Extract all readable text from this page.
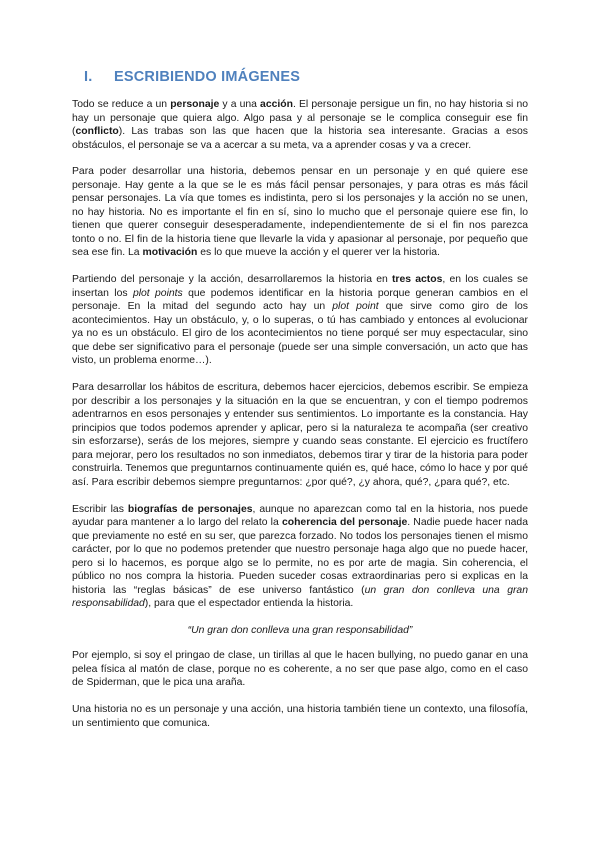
I. ESCRIBIENDO IMÁGENES

Todo se reduce a un personaje y a una acción. El personaje persigue un fin, no hay historia si no hay un personaje que quiera algo. Algo pasa y al personaje se le complica conseguir ese fin (conflicto). Las trabas son las que hacen que la historia sea interesante. Gracias a esos obstáculos, el personaje se va a acercar a su meta, va a aprender cosas y va a crecer.

Para poder desarrollar una historia, debemos pensar en un personaje y en qué quiere ese personaje. Hay gente a la que se le es más fácil pensar personajes, y para otras es más fácil pensar personajes. La vía que tomes es indistinta, pero si los personajes y la acción no se unen, no hay historia. No es importante el fin en sí, sino lo mucho que el personaje quiere ese fin, lo tienen que querer conseguir desesperadamente, independientemente de si el fin nos parezca tonto o no. El fin de la historia tiene que llevarle la vida y apasionar al personaje, por pequeño que sea ese fin. La motivación es lo que mueve la acción y el querer ver la historia.

Partiendo del personaje y la acción, desarrollaremos la historia en tres actos, en los cuales se insertan los plot points que podemos identificar en la historia porque generan cambios en el personaje. En la mitad del segundo acto hay un plot point que sirve como giro de los acontecimientos. Hay un obstáculo, y, o lo superas, o tú has cambiado y entonces al evolucionar ya no es un obstáculo. El giro de los acontecimientos no tiene porqué ser muy espectacular, sino que debe ser significativo para el personaje (puede ser una simple conversación, un acto que has visto, un problema enorme…).

Para desarrollar los hábitos de escritura, debemos hacer ejercicios, debemos escribir. Se empieza por describir a los personajes y la situación en la que se encuentran, y con el tiempo podremos adentrarnos en esos personajes y entender sus sentimientos. Lo importante es la constancia. Hay principios que todos podemos aprender y aplicar, pero si la naturaleza te acompaña (ser creativo sin esforzarse), serás de los mejores, siempre y cuando seas constante. El ejercicio es fructífero para mejorar, pero los resultados no son inmediatos, debemos tirar y tirar de la historia para poder construirla. Tenemos que preguntarnos continuamente quién es, qué hace, cómo lo hace y por qué así. Para escribir debemos siempre preguntarnos: ¿por qué?, ¿y ahora, qué?, ¿para qué?, etc.

Escribir las biografías de personajes, aunque no aparezcan como tal en la historia, nos puede ayudar para mantener a lo largo del relato la coherencia del personaje. Nadie puede hacer nada que previamente no esté en su ser, que parezca forzado. No todos los personajes tienen el mismo carácter, por lo que no podemos pretender que nuestro personaje haga algo que no puede hacer, pero si lo hacemos, es porque algo se lo permite, no es por arte de magia. Sin coherencia, el público no nos compra la historia. Pueden suceder cosas extraordinarias pero si explicas en la historia las “reglas básicas” de ese universo fantástico (un gran don conlleva una gran responsabilidad), para que el espectador entienda la historia.

“Un gran don conlleva una gran responsabilidad”

Por ejemplo, si soy el pringao de clase, un tirillas al que le hacen bullying, no puedo ganar en una pelea física al matón de clase, porque no es coherente, a no ser que pase algo, como en el caso de Spiderman, que le pica una araña.

Una historia no es un personaje y una acción, una historia también tiene un contexto, una filosofía, un sentimiento que comunica.
